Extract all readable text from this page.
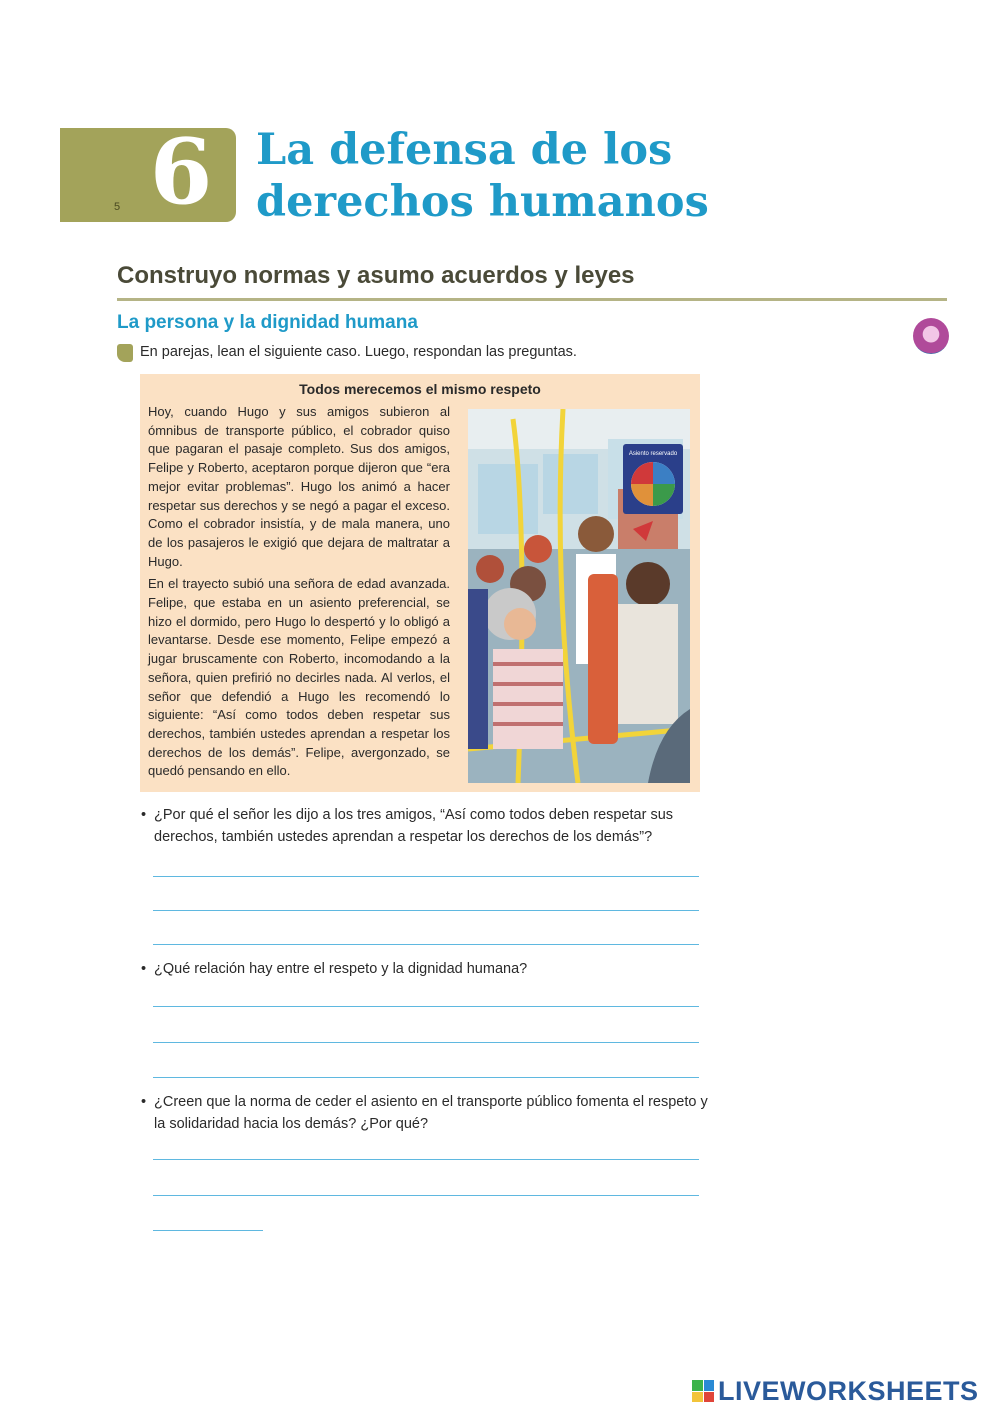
5 6 La defensa de los
derechos humanos
Construyo normas y asumo acuerdos y leyes
La persona y la dignidad humana
En parejas, lean el siguiente caso. Luego, respondan las preguntas.
Todos merecemos el mismo respeto

Hoy, cuando Hugo y sus amigos subieron al ómnibus de transporte público, el cobrador quiso que pagaran el pasaje completo. Sus dos amigos, Felipe y Roberto, aceptaron porque dijeron que “era mejor evitar problemas”. Hugo los animó a hacer respetar sus derechos y se negó a pagar el exceso. Como el cobrador insistía, y de mala manera, uno de los pasajeros le exigió que dejara de maltratar a Hugo.

En el trayecto subió una señora de edad avanzada. Felipe, que estaba en un asiento preferencial, se hizo el dormido, pero Hugo lo despertó y lo obligó a levantarse. Desde ese momento, Felipe empezó a jugar bruscamente con Roberto, incomodando a la señora, quien prefirió no decirles nada. Al verlos, el señor que defendió a Hugo les recomendó lo siguiente: “Así como todos deben respetar sus derechos, también ustedes aprendan a respetar los derechos de los demás”. Felipe, avergonzado, se quedó pensando en ello.

Asiento reservado
• ¿Por qué el señor les dijo a los tres amigos, “Así como todos deben respetar sus derechos, también ustedes aprendan a respetar los derechos de los demás”?
• ¿Qué relación hay entre el respeto y la dignidad humana?
• ¿Creen que la norma de ceder el asiento en el transporte público fomenta el respeto y la solidaridad hacia los demás? ¿Por qué?
LIVEWORKSHEETS
